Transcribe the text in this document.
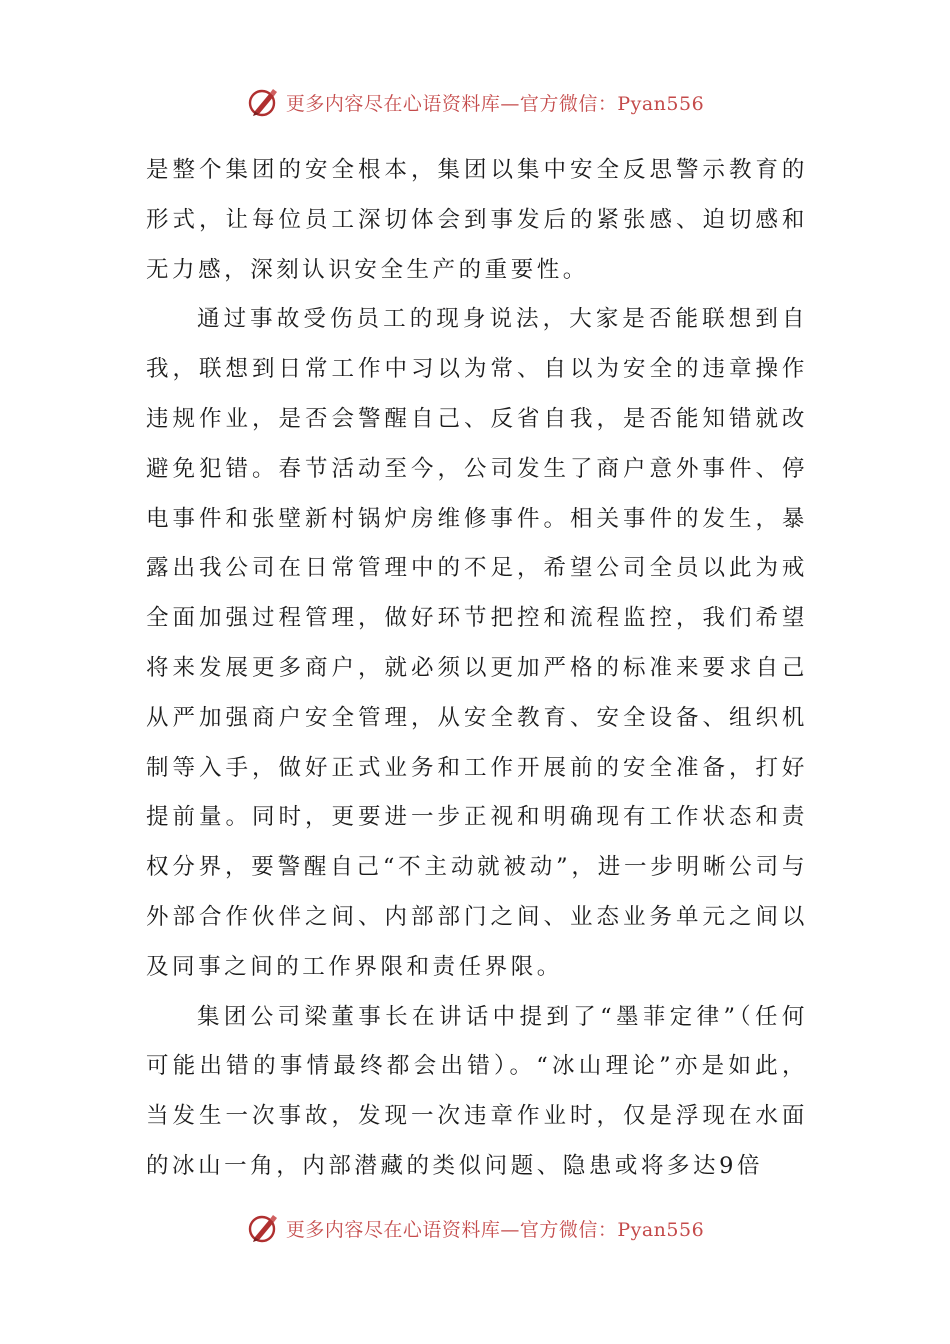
更多内容尽在心语资料库—官方微信：Pyan556

是整个集团的安全根本，集团以集中安全反思警示教育的形式，让每位员工深切体会到事发后的紧张感、迫切感和无力感，深刻认识安全生产的重要性。

通过事故受伤员工的现身说法，大家是否能联想到自我，联想到日常工作中习以为常、自以为安全的违章操作违规作业，是否会警醒自己、反省自我，是否能知错就改避免犯错。春节活动至今，公司发生了商户意外事件、停电事件和张壁新村锅炉房维修事件。相关事件的发生，暴露出我公司在日常管理中的不足，希望公司全员以此为戒全面加强过程管理，做好环节把控和流程监控，我们希望将来发展更多商户，就必须以更加严格的标准来要求自己从严加强商户安全管理，从安全教育、安全设备、组织机制等入手，做好正式业务和工作开展前的安全准备，打好提前量。同时，更要进一步正视和明确现有工作状态和责权分界，要警醒自己“不主动就被动”，进一步明晰公司与外部合作伙伴之间、内部部门之间、业态业务单元之间以及同事之间的工作界限和责任界限。

集团公司梁董事长在讲话中提到了“墨菲定律”（任何可能出错的事情最终都会出错）。“冰山理论”亦是如此，当发生一次事故，发现一次违章作业时，仅是浮现在水面的冰山一角，内部潜藏的类似问题、隐患或将多达9倍

更多内容尽在心语资料库—官方微信：Pyan556
